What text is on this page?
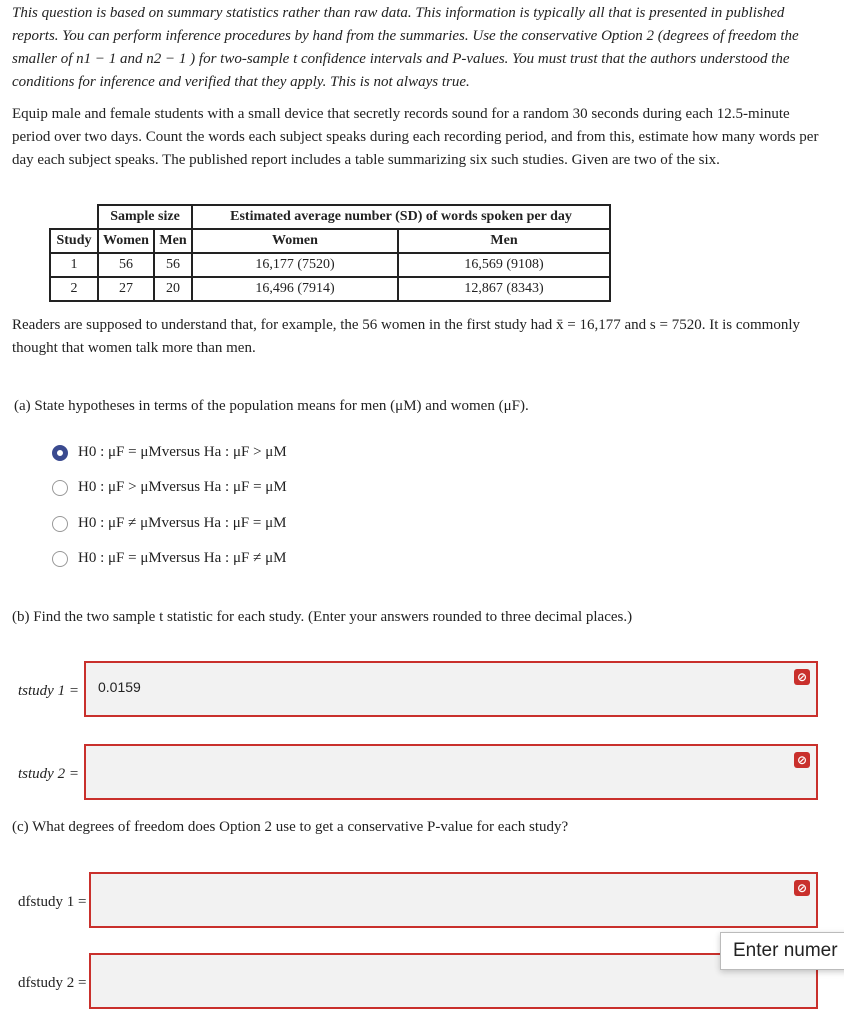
This question is based on summary statistics rather than raw data. This information is typically all that is presented in published reports. You can perform inference procedures by hand from the summaries. Use the conservative Option 2 (degrees of freedom the smaller of n1 − 1 and n2 − 1 ) for two-sample t confidence intervals and P-values. You must trust that the authors understood the conditions for inference and verified that they apply. This is not always true.
Equip male and female students with a small device that secretly records sound for a random 30 seconds during each 12.5-minute period over two days. Count the words each subject speaks during each recording period, and from this, estimate how many words per day each subject speaks. The published report includes a table summarizing six such studies. Given are two of the six.
	Sample size		Estimated average number (SD) of words spoken per day	
Study	Women	Men	Women	Men
1	56	56	16,177 (7520)	16,569 (9108)
2	27	20	16,496 (7914)	12,867 (8343)
Readers are supposed to understand that, for example, the 56 women in the first study had x̄ = 16,177 and s = 7520. It is commonly thought that women talk more than men.
(a) State hypotheses in terms of the population means for men (μM) and women (μF).
H0 : μF = μMversus Ha : μF > μM
H0 : μF > μMversus Ha : μF = μM
H0 : μF ≠ μMversus Ha : μF = μM
H0 : μF = μMversus Ha : μF ≠ μM
(b) Find the two sample t statistic for each study. (Enter your answers rounded to three decimal places.)
tstudy 1 = 0.0159
⊘
tstudy 2 =
⊘
(c) What degrees of freedom does Option 2 use to get a conservative P-value for each study?
dfstudy 1 =
⊘
dfstudy 2 =
Enter numer
